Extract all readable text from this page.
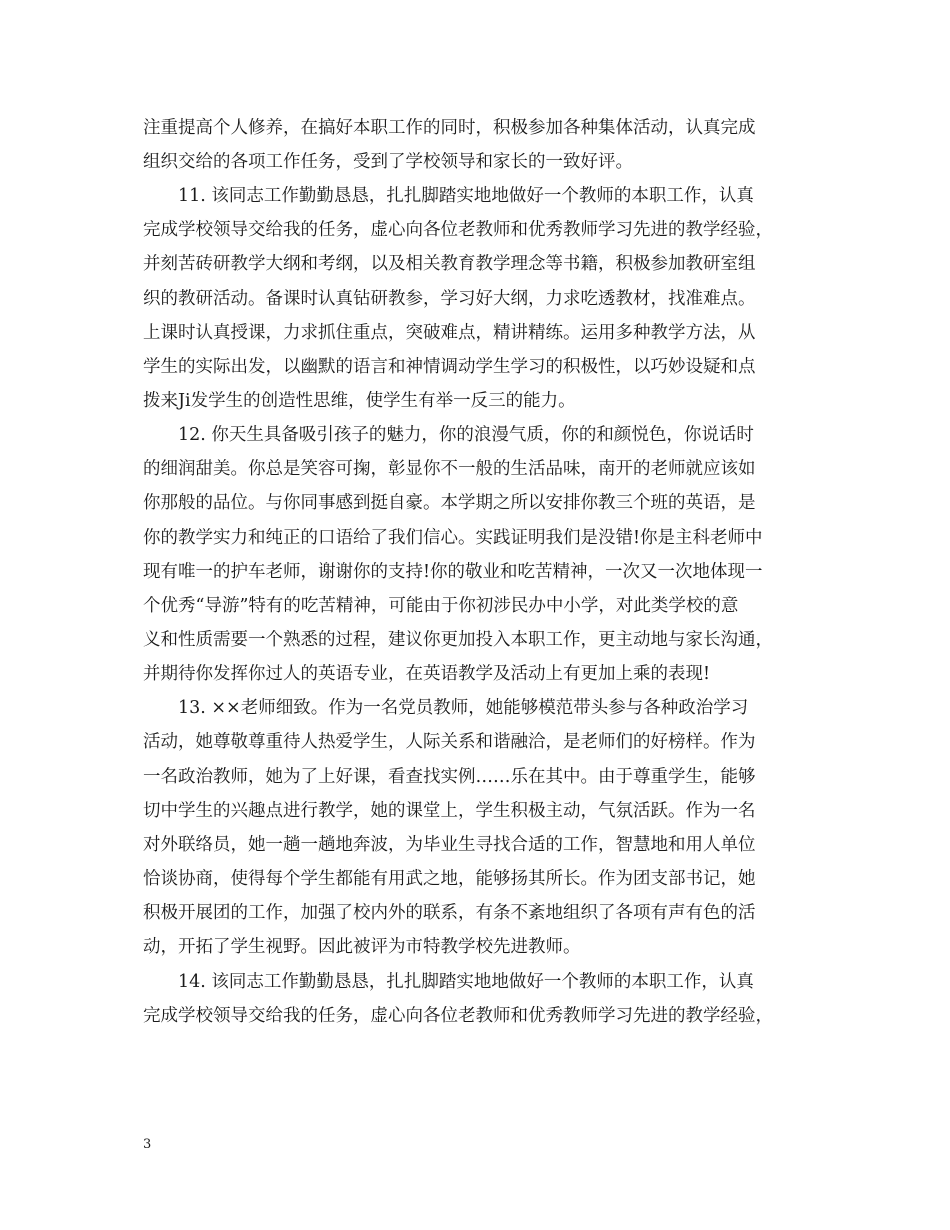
注重提高个人修养，在搞好本职工作的同时，积极参加各种集体活动，认真完成
组织交给的各项工作任务，受到了学校领导和家长的一致好评。
　　11. 该同志工作勤勤恳恳，扎扎脚踏实地地做好一个教师的本职工作，认真
完成学校领导交给我的任务，虚心向各位老教师和优秀教师学习先进的教学经验，
并刻苦砖研教学大纲和考纲，以及相关教育教学理念等书籍，积极参加教研室组
织的教研活动。备课时认真钻研教参，学习好大纲，力求吃透教材，找准难点。
上课时认真授课，力求抓住重点，突破难点，精讲精练。运用多种教学方法，从
学生的实际出发，以幽默的语言和神情调动学生学习的积极性，以巧妙设疑和点
拨来Ji发学生的创造性思维，使学生有举一反三的能力。
　　12. 你天生具备吸引孩子的魅力，你的浪漫气质，你的和颜悦色，你说话时
的细润甜美。你总是笑容可掬，彰显你不一般的生活品味，南开的老师就应该如
你那般的品位。与你同事感到挺自豪。本学期之所以安排你教三个班的英语，是
你的教学实力和纯正的口语给了我们信心。实践证明我们是没错!你是主科老师中
现有唯一的护车老师，谢谢你的支持!你的敬业和吃苦精神，一次又一次地体现一
个优秀“导游”特有的吃苦精神，可能由于你初涉民办中小学，对此类学校的意
义和性质需要一个熟悉的过程，建议你更加投入本职工作，更主动地与家长沟通，
并期待你发挥你过人的英语专业，在英语教学及活动上有更加上乘的表现!
　　13. ××老师细致。作为一名党员教师，她能够模范带头参与各种政治学习
活动，她尊敬尊重待人热爱学生，人际关系和谐融洽，是老师们的好榜样。作为
一名政治教师，她为了上好课，看查找实例……乐在其中。由于尊重学生，能够
切中学生的兴趣点进行教学，她的课堂上，学生积极主动，气氛活跃。作为一名
对外联络员，她一趟一趟地奔波，为毕业生寻找合适的工作，智慧地和用人单位
恰谈协商，使得每个学生都能有用武之地，能够扬其所长。作为团支部书记，她
积极开展团的工作，加强了校内外的联系，有条不紊地组织了各项有声有色的活
动，开拓了学生视野。因此被评为市特教学校先进教师。
　　14. 该同志工作勤勤恳恳，扎扎脚踏实地地做好一个教师的本职工作，认真
完成学校领导交给我的任务，虚心向各位老教师和优秀教师学习先进的教学经验，
3
